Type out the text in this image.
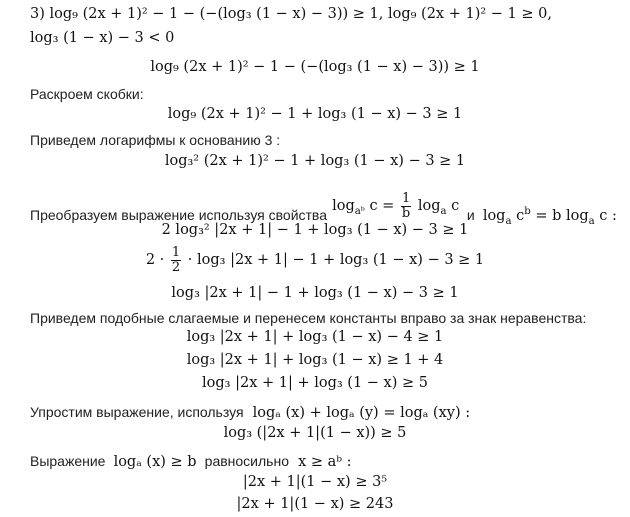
3) log₉ (2x + 1)² − 1 − (−(log₃ (1 − x) − 3)) ≥ 1, log₉ (2x + 1)² − 1 ≥ 0,
log₃ (1 − x) − 3 < 0
log₉ (2x + 1)² − 1 − (−(log₃ (1 − x) − 3)) ≥ 1
Раскроем скобки:
log₉ (2x + 1)² − 1 + log₃ (1 − x) − 3 ≥ 1
Приведем логарифмы к основанию 3 :
log₃² (2x + 1)² − 1 + log₃ (1 − x) − 3 ≥ 1
Преобразуем выражение используя свойства $\log_{aᵇ} c = \frac{1}{b} \log_a c$ и $\log_a c^b = b$ $\log_a c$ :
2 log₃² |2x + 1| − 1 + log₃ (1 − x) − 3 ≥ 1
$2 \cdot \frac{1}{2} \cdot \log_3$ |2x + 1| − 1 + log₃ (1 − x) − 3 ≥ 1
log₃ |2x + 1| − 1 + log₃ (1 − x) − 3 ≥ 1
Приведем подобные слагаемые и перенесем константы вправо за знак неравенства:
log₃ |2x + 1| + log₃ (1 − x) − 4 ≥ 1
log₃ |2x + 1| + log₃ (1 − x) ≥ 1 + 4
log₃ |2x + 1| + log₃ (1 − x) ≥ 5
Упростим выражение, используя logₐ (x) + logₐ (y) = logₐ (xy) :
log₃ (|2x + 1|(1 − x)) ≥ 5
Выражение logₐ (x) ≥ b равносильно x ≥ aᵇ :
|2x + 1|(1 − x) ≥ 3⁵
|2x + 1|(1 − x) ≥ 243
